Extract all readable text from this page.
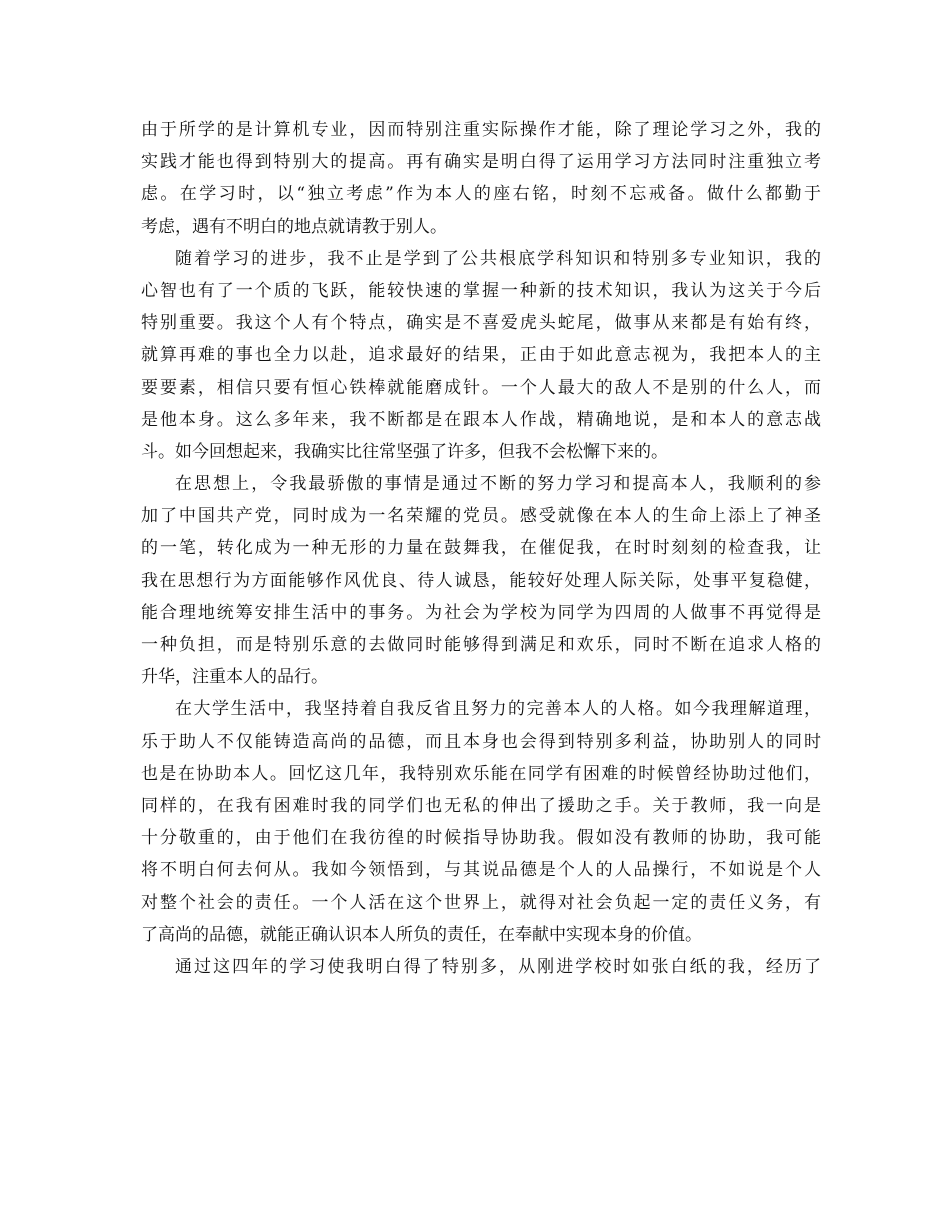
由于所学的是计算机专业，因而特别注重实际操作才能，除了理论学习之外，我的
实践才能也得到特别大的提高。再有确实是明白得了运用学习方法同时注重独立考
虑。在学习时，以“独立考虑”作为本人的座右铭，时刻不忘戒备。做什么都勤于
考虑，遇有不明白的地点就请教于别人。
随着学习的进步，我不止是学到了公共根底学科知识和特别多专业知识，我的
心智也有了一个质的飞跃，能较快速的掌握一种新的技术知识，我认为这关于今后
特别重要。我这个人有个特点，确实是不喜爱虎头蛇尾，做事从来都是有始有终，
就算再难的事也全力以赴，追求最好的结果，正由于如此意志视为，我把本人的主
要要素，相信只要有恒心铁棒就能磨成针。一个人最大的敌人不是别的什么人，而
是他本身。这么多年来，我不断都是在跟本人作战，精确地说，是和本人的意志战
斗。如今回想起来，我确实比往常坚强了许多，但我不会松懈下来的。
在思想上，令我最骄傲的事情是通过不断的努力学习和提高本人，我顺利的参
加了中国共产党，同时成为一名荣耀的党员。感受就像在本人的生命上添上了神圣
的一笔，转化成为一种无形的力量在鼓舞我，在催促我，在时时刻刻的检查我，让
我在思想行为方面能够作风优良、待人诚恳，能较好处理人际关际，处事平复稳健，
能合理地统筹安排生活中的事务。为社会为学校为同学为四周的人做事不再觉得是
一种负担，而是特别乐意的去做同时能够得到满足和欢乐，同时不断在追求人格的
升华，注重本人的品行。
在大学生活中，我坚持着自我反省且努力的完善本人的人格。如今我理解道理，
乐于助人不仅能铸造高尚的品德，而且本身也会得到特别多利益，协助别人的同时
也是在协助本人。回忆这几年，我特别欢乐能在同学有困难的时候曾经协助过他们，
同样的，在我有困难时我的同学们也无私的伸出了援助之手。关于教师，我一向是
十分敬重的，由于他们在我彷徨的时候指导协助我。假如没有教师的协助，我可能
将不明白何去何从。我如今领悟到，与其说品德是个人的人品操行，不如说是个人
对整个社会的责任。一个人活在这个世界上，就得对社会负起一定的责任义务，有
了高尚的品德，就能正确认识本人所负的责任，在奉献中实现本身的价值。
通过这四年的学习使我明白得了特别多，从刚进学校时如张白纸的我，经历了
